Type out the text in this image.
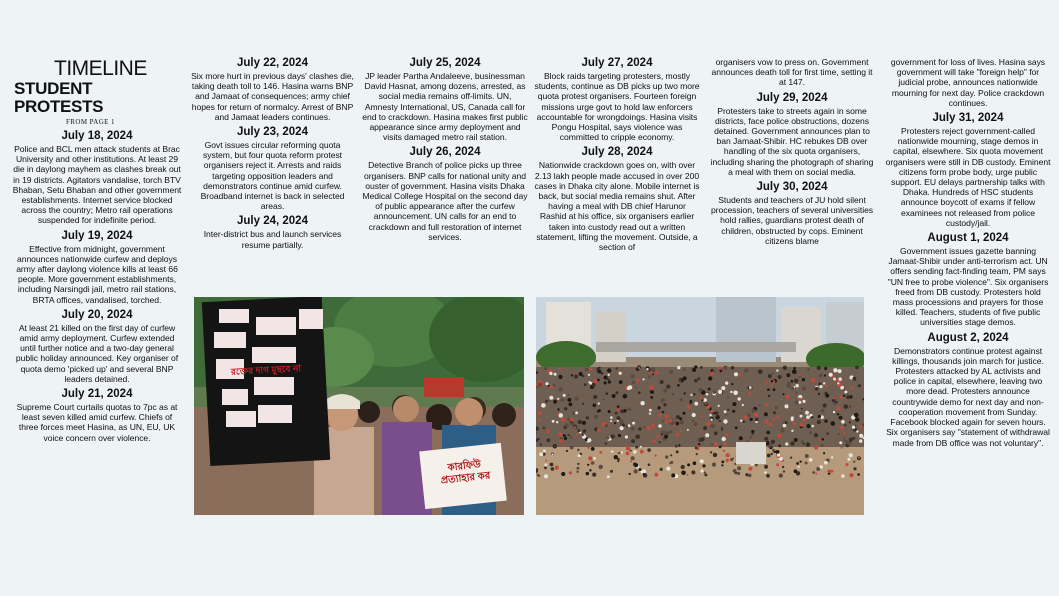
TIMELINE
STUDENT PROTESTS
FROM PAGE 1
July 18, 2024
Police and BCL men attack students at Brac University and other institutions. At least 29 die in daylong mayhem as clashes break out in 19 districts. Agitators vandalise, torch BTV Bhaban, Setu Bhaban and other government establishments. Internet service blocked across the country; Metro rail operations suspended for indefinite period.
July 19, 2024
Effective from midnight, government announces nationwide curfew and deploys army after daylong violence kills at least 66 people. More government establishments, including Narsingdi jail, metro rail stations, BRTA offices, vandalised, torched.
July 20, 2024
At least 21 killed on the first day of curfew amid army deployment. Curfew extended until further notice and a two-day general public holiday announced. Key organiser of quota demo 'picked up' and several BNP leaders detained.
July 21, 2024
Supreme Court curtails quotas to 7pc as at least seven killed amid curfew. Chiefs of three forces meet Hasina, as UN, EU, UK voice concern over violence.
July 22, 2024
Six more hurt in previous days' clashes die, taking death toll to 146. Hasina warns BNP and Jamaat of consequences; army chief hopes for return of normalcy. Arrest of BNP and Jamaat leaders continues.
July 23, 2024
Govt issues circular reforming quota system, but four quota reform protest organisers reject it. Arrests and raids targeting opposition leaders and demonstrators continue amid curfew. Broadband internet is back in selected areas.
July 24, 2024
Inter-district bus and launch services resume partially.
July 25, 2024
JP leader Partha Andaleeve, businessman David Hasnat, among dozens, arrested, as social media remains off-limits. UN, Amnesty International, US, Canada call for end to crackdown. Hasina makes first public appearance since army deployment and visits damaged metro rail station.
July 26, 2024
Detective Branch of police picks up three organisers. BNP calls for national unity and ouster of government. Hasina visits Dhaka Medical College Hospital on the second day of public appearance after the curfew announcement. UN calls for an end to crackdown and full restoration of internet services.
July 27, 2024
Block raids targeting protesters, mostly students, continue as DB picks up two more quota protest organisers. Fourteen foreign missions urge govt to hold law enforcers accountable for wrongdoings. Hasina visits Pongu Hospital, says violence was committed to cripple economy.
July 28, 2024
Nationwide crackdown goes on, with over 2.13 lakh people made accused in over 200 cases in Dhaka city alone. Mobile internet is back, but social media remains shut. After having a meal with DB chief Harunor Rashid at his office, six organisers earlier taken into custody read out a written statement, lifting the movement. Outside, a section of
organisers vow to press on. Government announces death toll for first time, setting it at 147.
July 29, 2024
Protesters take to streets again in some districts, face police obstructions, dozens detained. Government announces plan to ban Jamaat-Shibir. HC rebukes DB over handling of the six quota organisers, including sharing the photograph of sharing a meal with them on social media.
July 30, 2024
Students and teachers of JU hold silent procession, teachers of several universities hold rallies, guardians protest death of children, obstructed by cops. Eminent citizens blame
government for loss of lives. Hasina says government will take "foreign help" for judicial probe, announces nationwide mourning for next day. Police crackdown continues.
July 31, 2024
Protesters reject government-called nationwide mourning, stage demos in capital, elsewhere. Six quota movement organisers were still in DB custody. Eminent citizens form probe body, urge public support. EU delays partnership talks with Dhaka. Hundreds of HSC students announce boycott of exams if fellow examinees not released from police custody/jail.
August 1, 2024
Government issues gazette banning Jamaat-Shibir under anti-terrorism act. UN offers sending fact-finding team, PM says "UN free to probe violence". Six organisers freed from DB custody. Protesters hold mass processions and prayers for those killed. Teachers, students of five public universities stage demos.
August 2, 2024
Demonstrators continue protest against killings, thousands join march for justice. Protesters attacked by AL activists and police in capital, elsewhere, leaving two more dead. Protesters announce countrywide demo for next day and non-cooperation movement from Sunday. Facebook blocked again for seven hours. Six organisers say "statement of withdrawal made from DB office was not voluntary".
কারফিউ প্রত্যাহার কর
রক্তের দাগ মুছবে না
